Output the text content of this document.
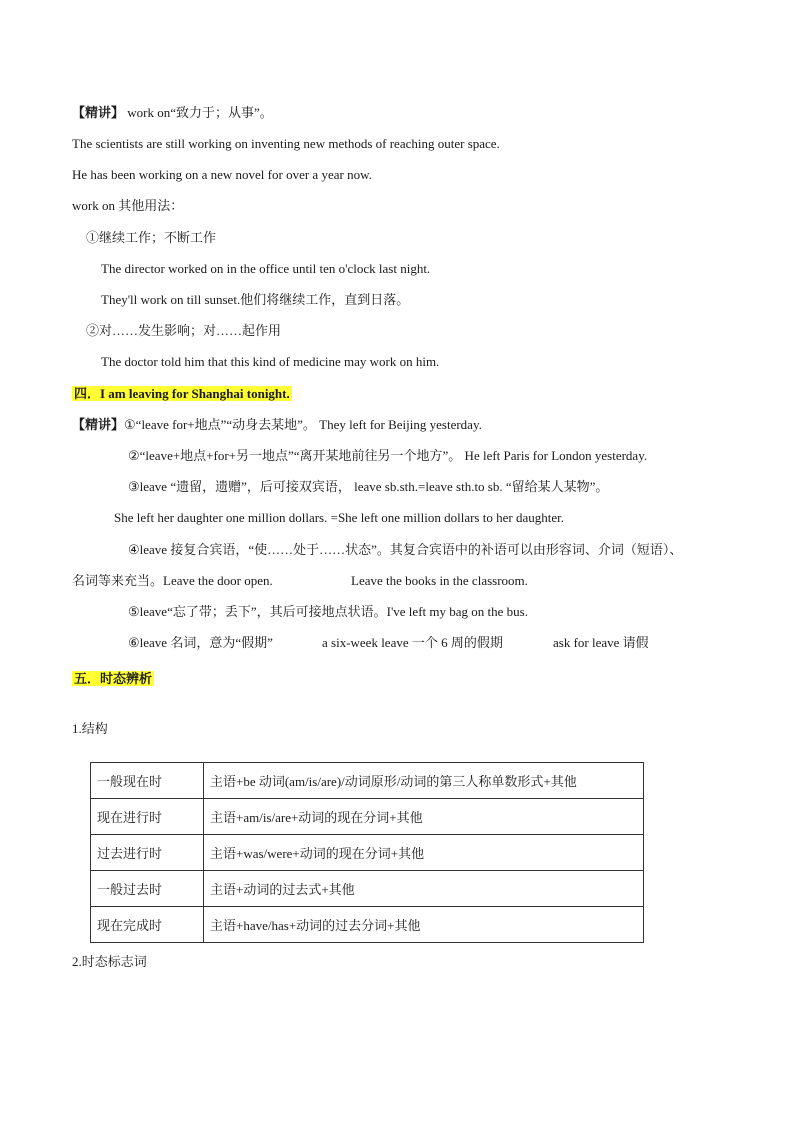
【精讲】 work on“致力于；从事”。
The scientists are still working on inventing new methods of reaching outer space.
He has been working on a new novel for over a year now.
work on 其他用法：
①继续工作；不断工作
The director worked on in the office until ten o'clock last night.
They'll work on till sunset.他们将继续工作，直到日落。
②对……发生影响；对……起作用
The doctor told him that this kind of medicine may work on him.
四．I am leaving for Shanghai tonight.
【精讲】①“leave for+地点”“动身去某地”。 They left for Beijing yesterday.
②“leave+地点+for+另一地点”“离开某地前往另一个地方”。 He left Paris for London yesterday.
③leave “遗留，遗赠”，后可接双宾语， leave sb.sth.=leave sth.to sb. “留给某人某物”。
She left her daughter one million dollars. =She left one million dollars to her daughter.
④leave 接复合宾语，“使……处于……状态”。其复合宾语中的补语可以由形容词、介词（短语）、
名词等来充当。Leave the door open.	Leave the books in the classroom.
⑤leave“忘了带；丢下”，其后可接地点状语。I've left my bag on the bus.
⑥leave 名词，意为“假期”	a six-week leave 一个 6 周的假期	ask for leave 请假
五．时态辨析
1.结构
一般现在时	主语+be 动词(am/is/are)/动词原形/动词的第三人称单数形式+其他
现在进行时	主语+am/is/are+动词的现在分词+其他
过去进行时	主语+was/were+动词的现在分词+其他
一般过去时	主语+动词的过去式+其他
现在完成时	主语+have/has+动词的过去分词+其他
2.时态标志词
